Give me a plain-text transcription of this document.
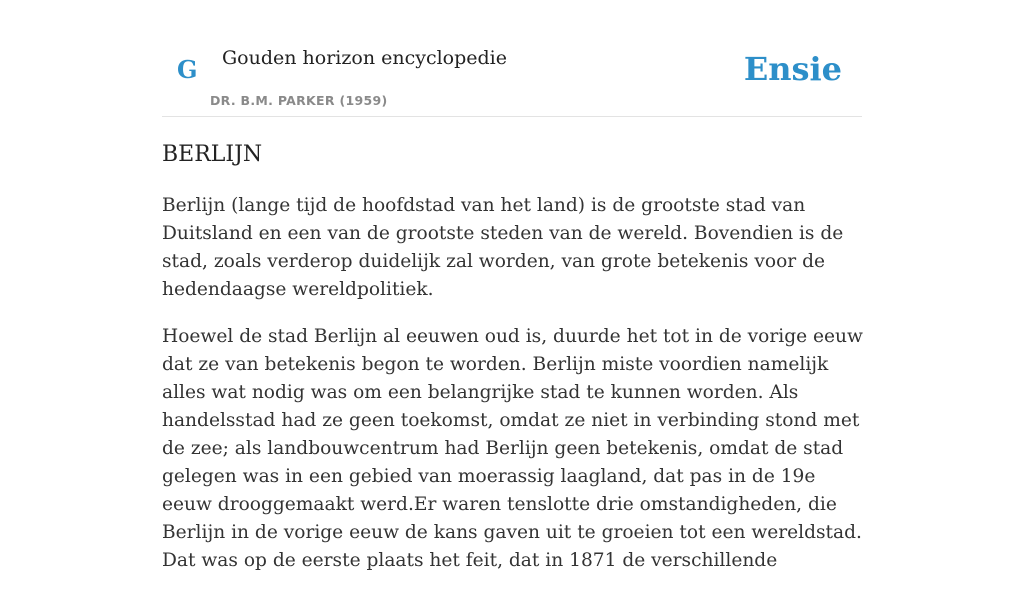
G Gouden horizon encyclopedie
DR. B.M. PARKER (1959)
Ensie
BERLIJN

Berlijn (lange tijd de hoofdstad van het land) is de grootste stad van Duitsland en een van de grootste steden van de wereld. Bovendien is de stad, zoals verderop duidelijk zal worden, van grote betekenis voor de hedendaagse wereldpolitiek.

Hoewel de stad Berlijn al eeuwen oud is, duurde het tot in de vorige eeuw dat ze van betekenis begon te worden. Berlijn miste voordien namelijk alles wat nodig was om een belangrijke stad te kunnen worden. Als handelsstad had ze geen toekomst, omdat ze niet in verbinding stond met de zee; als landbouwcentrum had Berlijn geen betekenis, omdat de stad gelegen was in een gebied van moerassig laagland, dat pas in de 19e eeuw drooggemaakt werd.Er waren tenslotte drie omstandigheden, die Berlijn in de vorige eeuw de kans gaven uit te groeien tot een wereldstad. Dat was op de eerste plaats het feit, dat in 1871 de verschillende
